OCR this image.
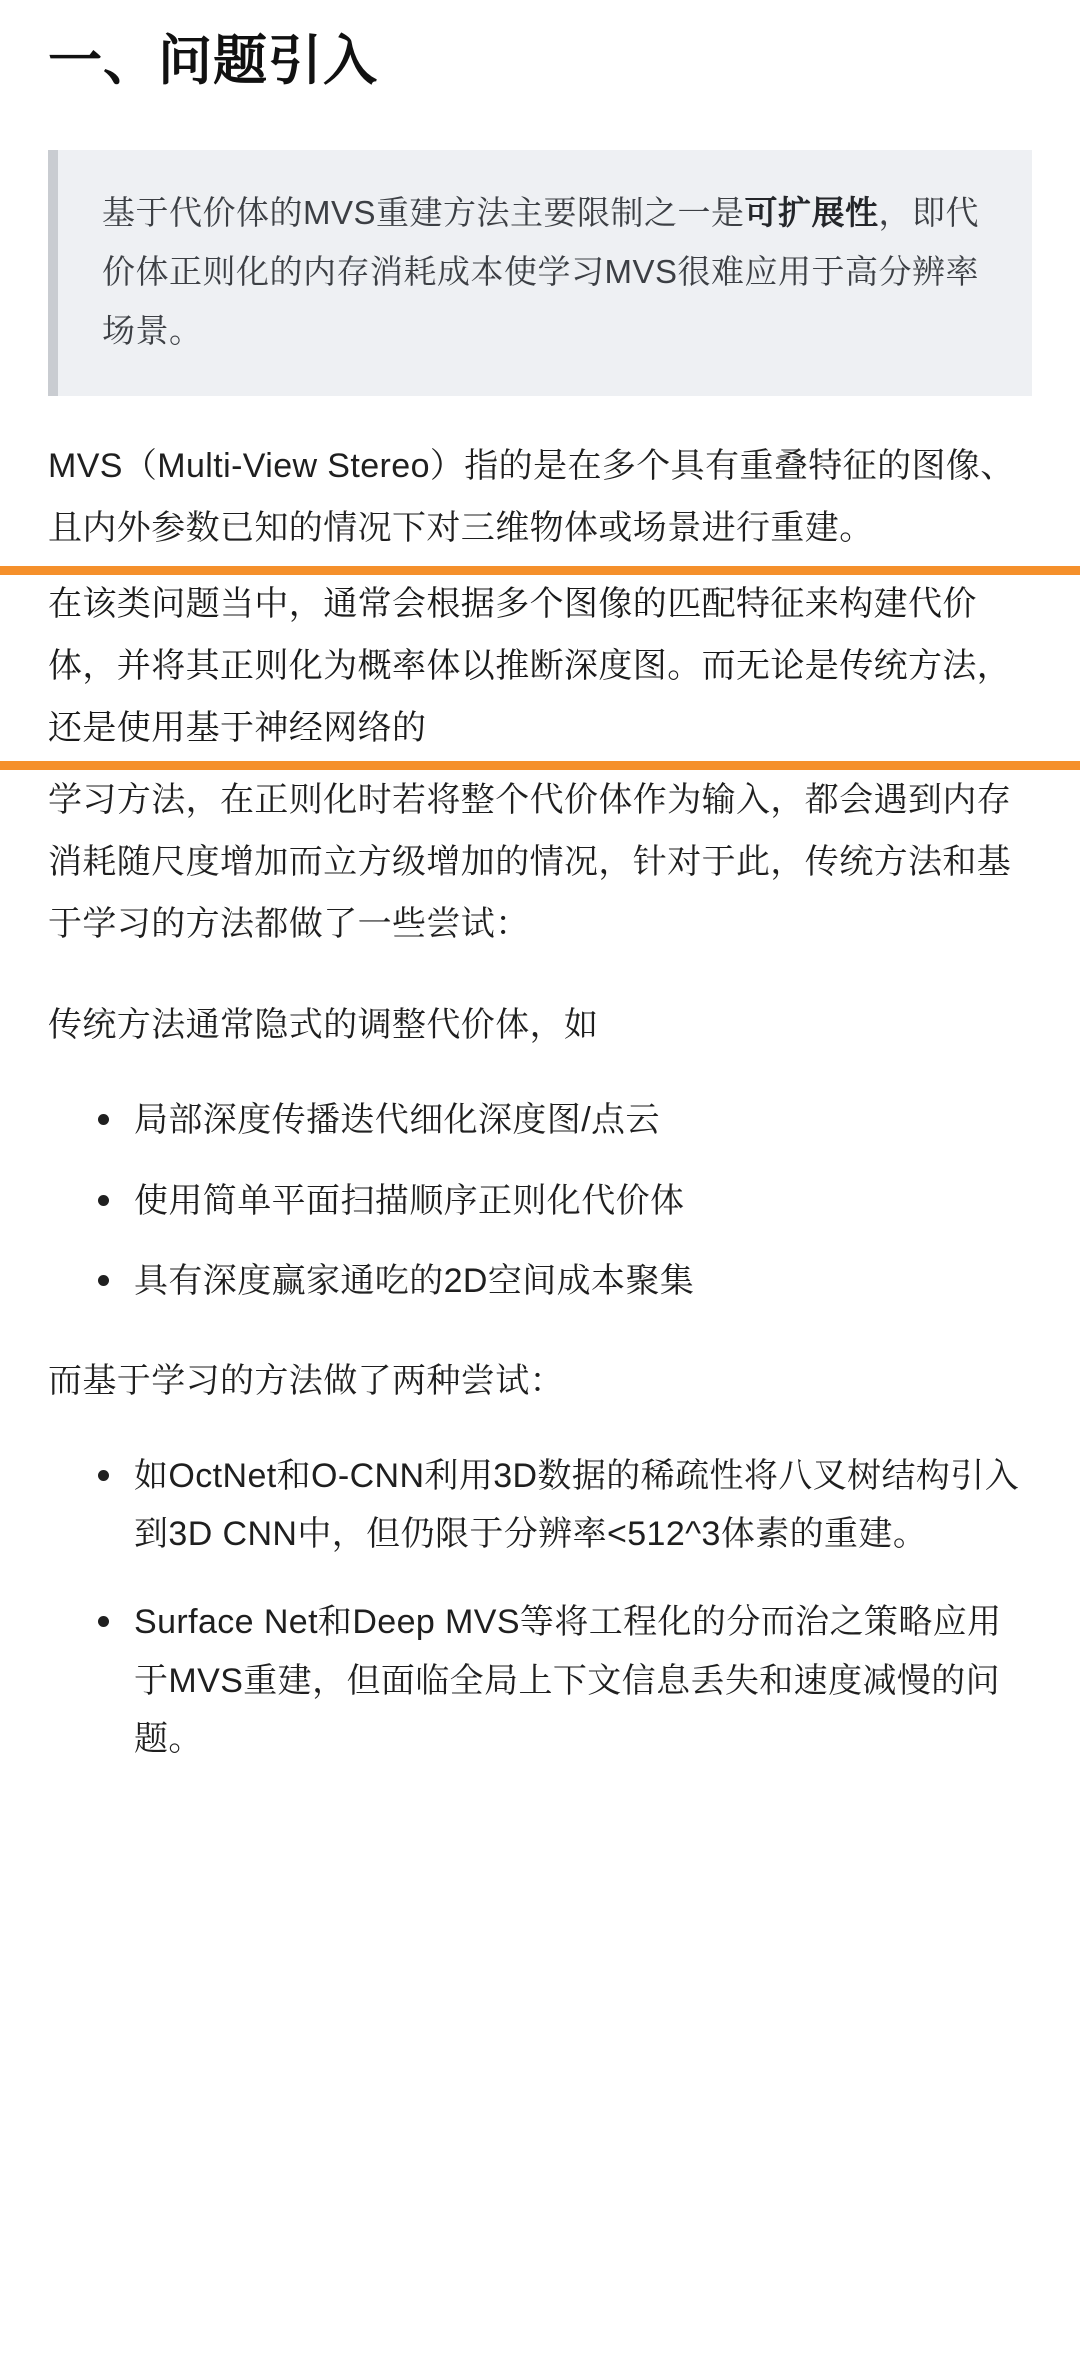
一、问题引入
基于代价体的MVS重建方法主要限制之一是可扩展性，即代价体正则化的内存消耗成本使学习MVS很难应用于高分辨率场景。

MVS（Multi-View Stereo）指的是在多个具有重叠特征的图像、且内外参数已知的情况下对三维物体或场景进行重建。

在该类问题当中，通常会根据多个图像的匹配特征来构建代价体，并将其正则化为概率体以推断深度图。而无论是传统方法，还是使用基于神经网络的

学习方法，在正则化时若将整个代价体作为输入，都会遇到内存消耗随尺度增加而立方级增加的情况，针对于此，传统方法和基于学习的方法都做了一些尝试：

传统方法通常隐式的调整代价体，如

局部深度传播迭代细化深度图/点云
使用简单平面扫描顺序正则化代价体
具有深度赢家通吃的2D空间成本聚集

而基于学习的方法做了两种尝试：

如OctNet和O-CNN利用3D数据的稀疏性将八叉树结构引入到3D CNN中，但仍限于分辨率<512^3体素的重建。
Surface Net和Deep MVS等将工程化的分而治之策略应用于MVS重建，但面临全局上下文信息丢失和速度减慢的问题。
